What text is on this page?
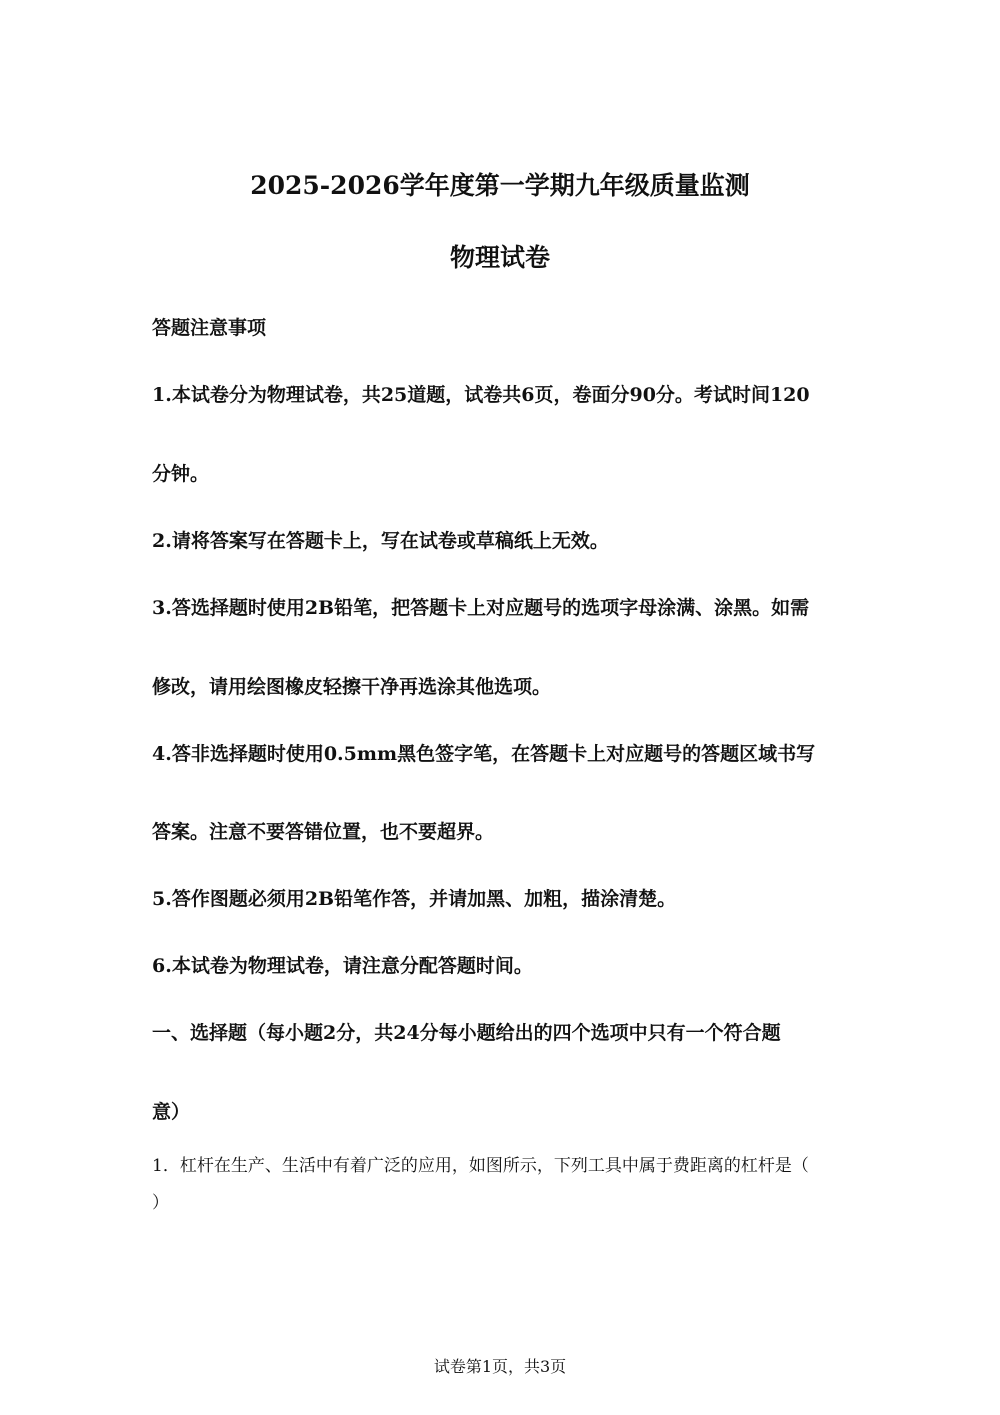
2025-2026学年度第一学期九年级质量监测
物理试卷
答题注意事项
1.本试卷分为物理试卷，共25道题，试卷共6页，卷面分90分。考试时间120
分钟。
2.请将答案写在答题卡上，写在试卷或草稿纸上无效。
3.答选择题时使用2B铅笔，把答题卡上对应题号的选项字母涂满、涂黑。如需
修改，请用绘图橡皮轻擦干净再选涂其他选项。
4.答非选择题时使用0.5mm黑色签字笔，在答题卡上对应题号的答题区域书写
答案。注意不要答错位置，也不要超界。
5.答作图题必须用2B铅笔作答，并请加黑、加粗，描涂清楚。
6.本试卷为物理试卷，请注意分配答题时间。
一、选择题（每小题2分，共24分每小题给出的四个选项中只有一个符合题
意）
1．杠杆在生产、生活中有着广泛的应用，如图所示，下列工具中属于费距离的杠杆是（
）
试卷第1页，共3页
